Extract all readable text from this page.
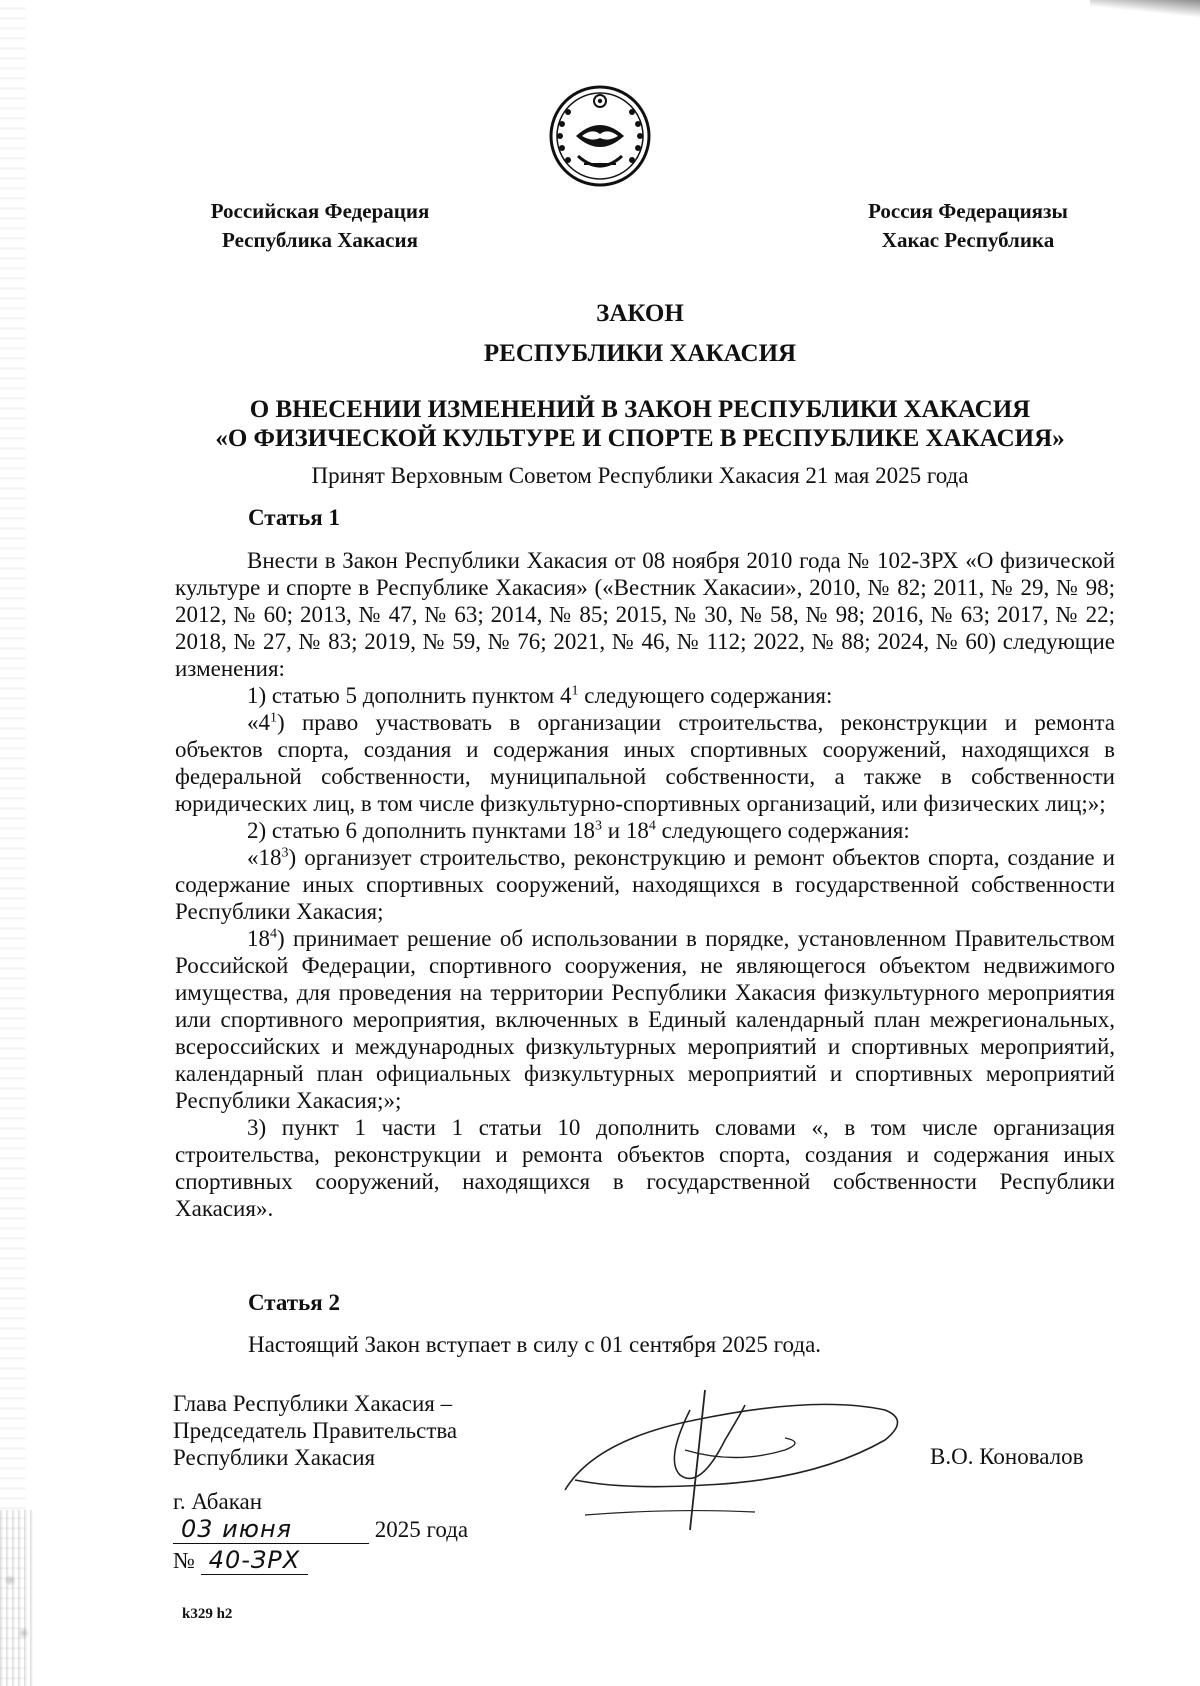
Российская Федерация
Республика Хакасия
Россия Федерациязы
Хакас Республика
ЗАКОН
РЕСПУБЛИКИ ХАКАСИЯ
О ВНЕСЕНИИ ИЗМЕНЕНИЙ В ЗАКОН РЕСПУБЛИКИ ХАКАСИЯ
«О ФИЗИЧЕСКОЙ КУЛЬТУРЕ И СПОРТЕ В РЕСПУБЛИКЕ ХАКАСИЯ»
Принят Верховным Советом Республики Хакасия 21 мая 2025 года
Статья 1

Внести в Закон Республики Хакасия от 08 ноября 2010 года № 102-ЗРХ «О физической культуре и спорте в Республике Хакасия» («Вестник Хакасии», 2010, № 82; 2011, № 29, № 98; 2012, № 60; 2013, № 47, № 63; 2014, № 85; 2015, № 30, № 58, № 98; 2016, № 63; 2017, № 22; 2018, № 27, № 83; 2019, № 59, № 76; 2021, № 46, № 112; 2022, № 88; 2024, № 60) следующие изменения:

1) статью 5 дополнить пунктом $4^1$ следующего содержания:

«$4^1$) право участвовать в организации строительства, реконструкции и ремонта объектов спорта, создания и содержания иных спортивных сооружений, находящихся в федеральной собственности, муниципальной собственности, а также в собственности юридических лиц, в том числе физкультурно-спортивных организаций, или физических лиц;»;

2) статью 6 дополнить пунктами $18^3$ и $18^4$ следующего содержания:

«$18^3$) организует строительство, реконструкцию и ремонт объектов спорта, создание и содержание иных спортивных сооружений, находящихся в государственной собственности Республики Хакасия;

$18^4$) принимает решение об использовании в порядке, установленном Правительством Российской Федерации, спортивного сооружения, не являющегося объектом недвижимого имущества, для проведения на территории Республики Хакасия физкультурного мероприятия или спортивного мероприятия, включенных в Единый календарный план межрегиональных, всероссийских и международных физкультурных мероприятий и спортивных мероприятий, календарный план официальных физкультурных мероприятий и спортивных мероприятий Республики Хакасия;»;

3) пункт 1 части 1 статьи 10 дополнить словами «, в том числе организация строительства, реконструкции и ремонта объектов спорта, создания и содержания иных спортивных сооружений, находящихся в государственной собственности Республики Хакасия».

Статья 2
Настоящий Закон вступает в силу с 01 сентября 2025 года.
Глава Республики Хакасия –
Председатель Правительства
Республики Хакасия	В.О. Коновалов
г. Абакан
03 июня	2025 года
№ 40-ЗРХ
k329 h2
